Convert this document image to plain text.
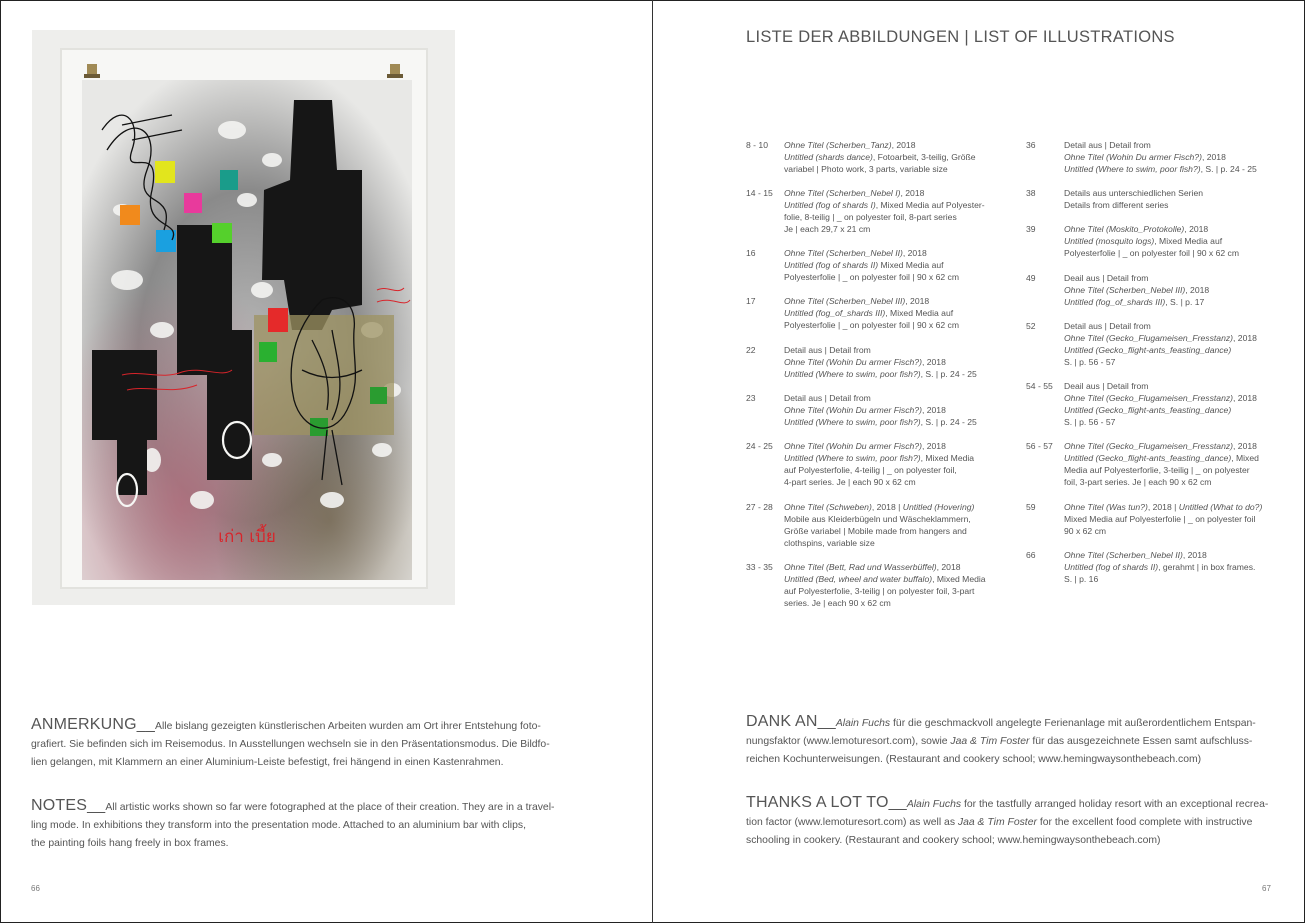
เก่า เบี้ย
ANMERKUNG__Alle bislang gezeigten künstlerischen Arbeiten wurden am Ort ihrer Entstehung foto-
grafiert. Sie befinden sich im Reisemodus. In Ausstellungen wechseln sie in den Präsentationsmodus. Die Bildfo-
lien gelangen, mit Klammern an einer Aluminium-Leiste befestigt, frei hängend in einen Kastenrahmen.
NOTES__All artistic works shown so far were fotographed at the place of their creation. They are in a travel-
ling mode. In exhibitions they transform into the presentation mode. Attached to an aluminium bar with clips,
the painting foils hang freely in box frames.
66
LISTE DER ABBILDUNGEN | LIST OF ILLUSTRATIONS
8 - 10 Ohne Titel (Scherben_Tanz), 2018
Untitled (shards dance), Fotoarbeit, 3-teilig, Größe
variabel | Photo work, 3 parts, variable size
14 - 15 Ohne Titel (Scherben_Nebel I), 2018
Untitled (fog of shards I), Mixed Media auf Polyester-
folie, 8-teilig | _ on polyester foil, 8-part series
Je | each 29,7 x 21 cm
16	Ohne Titel (Scherben_Nebel II), 2018
Untitled (fog of shards II) Mixed Media auf
Polyesterfolie | _ on polyester foil | 90 x 62 cm
17	Ohne Titel (Scherben_Nebel III), 2018
Untitled (fog_of_shards III), Mixed Media auf
Polyesterfolie | _ on polyester foil | 90 x 62 cm
22	Detail aus | Detail from
Ohne Titel (Wohin Du armer Fisch?), 2018
Untitled (Where to swim, poor fish?), S. | p. 24 - 25
23	Detail aus | Detail from
Ohne Titel (Wohin Du armer Fisch?), 2018
Untitled (Where to swim, poor fish?), S. | p. 24 - 25
24 - 25 Ohne Titel (Wohin Du armer Fisch?), 2018
Untitled (Where to swim, poor fish?), Mixed Media
auf Polyesterfolie, 4-teilig | _ on polyester foil,
4-part series. Je | each 90 x 62 cm
27 - 28 Ohne Titel (Schweben), 2018 | Untitled (Hovering)
Mobile aus Kleiderbügeln und Wäscheklammern,
Größe variabel | Mobile made from hangers and
clothspins, variable size
33 - 35 Ohne Titel (Bett, Rad und Wasserbüffel), 2018
Untitled (Bed, wheel and water buffalo), Mixed Media
auf Polyesterfolie, 3-teilig | on polyester foil, 3-part
series. Je | each 90 x 62 cm
36	Detail aus | Detail from
Ohne Titel (Wohin Du armer Fisch?), 2018
Untitled (Where to swim, poor fish?), S. | p. 24 - 25
38	Details aus unterschiedlichen Serien
Details from different series
39	Ohne Titel (Moskito_Protokolle), 2018
Untitled (mosquito logs), Mixed Media auf
Polyesterfolie | _ on polyester foil | 90 x 62 cm
49	Deail aus | Detail from
Ohne Titel (Scherben_Nebel III), 2018
Untitled (fog_of_shards III), S. | p. 17
52	Detail aus | Detail from
Ohne Titel (Gecko_Flugameisen_Fresstanz), 2018
Untitled (Gecko_flight-ants_feasting_dance)
S. | p. 56 - 57
54 - 55 Deail aus | Detail from
Ohne Titel (Gecko_Flugameisen_Fresstanz), 2018
Untitled (Gecko_flight-ants_feasting_dance)
S. | p. 56 - 57
56 - 57 Ohne Titel (Gecko_Flugameisen_Fresstanz), 2018
Untitled (Gecko_flight-ants_feasting_dance), Mixed
Media auf Polyesterforlie, 3-teilig | _ on polyester
foil, 3-part series. Je | each 90 x 62 cm
59	Ohne Titel (Was tun?), 2018 | Untitled (What to do?)
Mixed Media auf Polyesterfolie | _ on polyester foil
90 x 62 cm
66	Ohne Titel (Scherben_Nebel II), 2018
Untitled (fog of shards II), gerahmt | in box frames.
S. | p. 16
DANK AN__Alain Fuchs für die geschmackvoll angelegte Ferienanlage mit außerordentlichem Entspan-
nungsfaktor (www.lemoturesort.com), sowie Jaa & Tim Foster für das ausgezeichnete Essen samt aufschluss-
reichen Kochunterweisungen. (Restaurant and cookery school; www.hemingwaysonthebeach.com)
THANKS A LOT TO__Alain Fuchs for the tastfully arranged holiday resort with an exceptional recrea-
tion factor (www.lemoturesort.com) as well as Jaa & Tim Foster for the excellent food complete with instructive
schooling in cookery. (Restaurant and cookery school; www.hemingwaysonthebeach.com)
67
